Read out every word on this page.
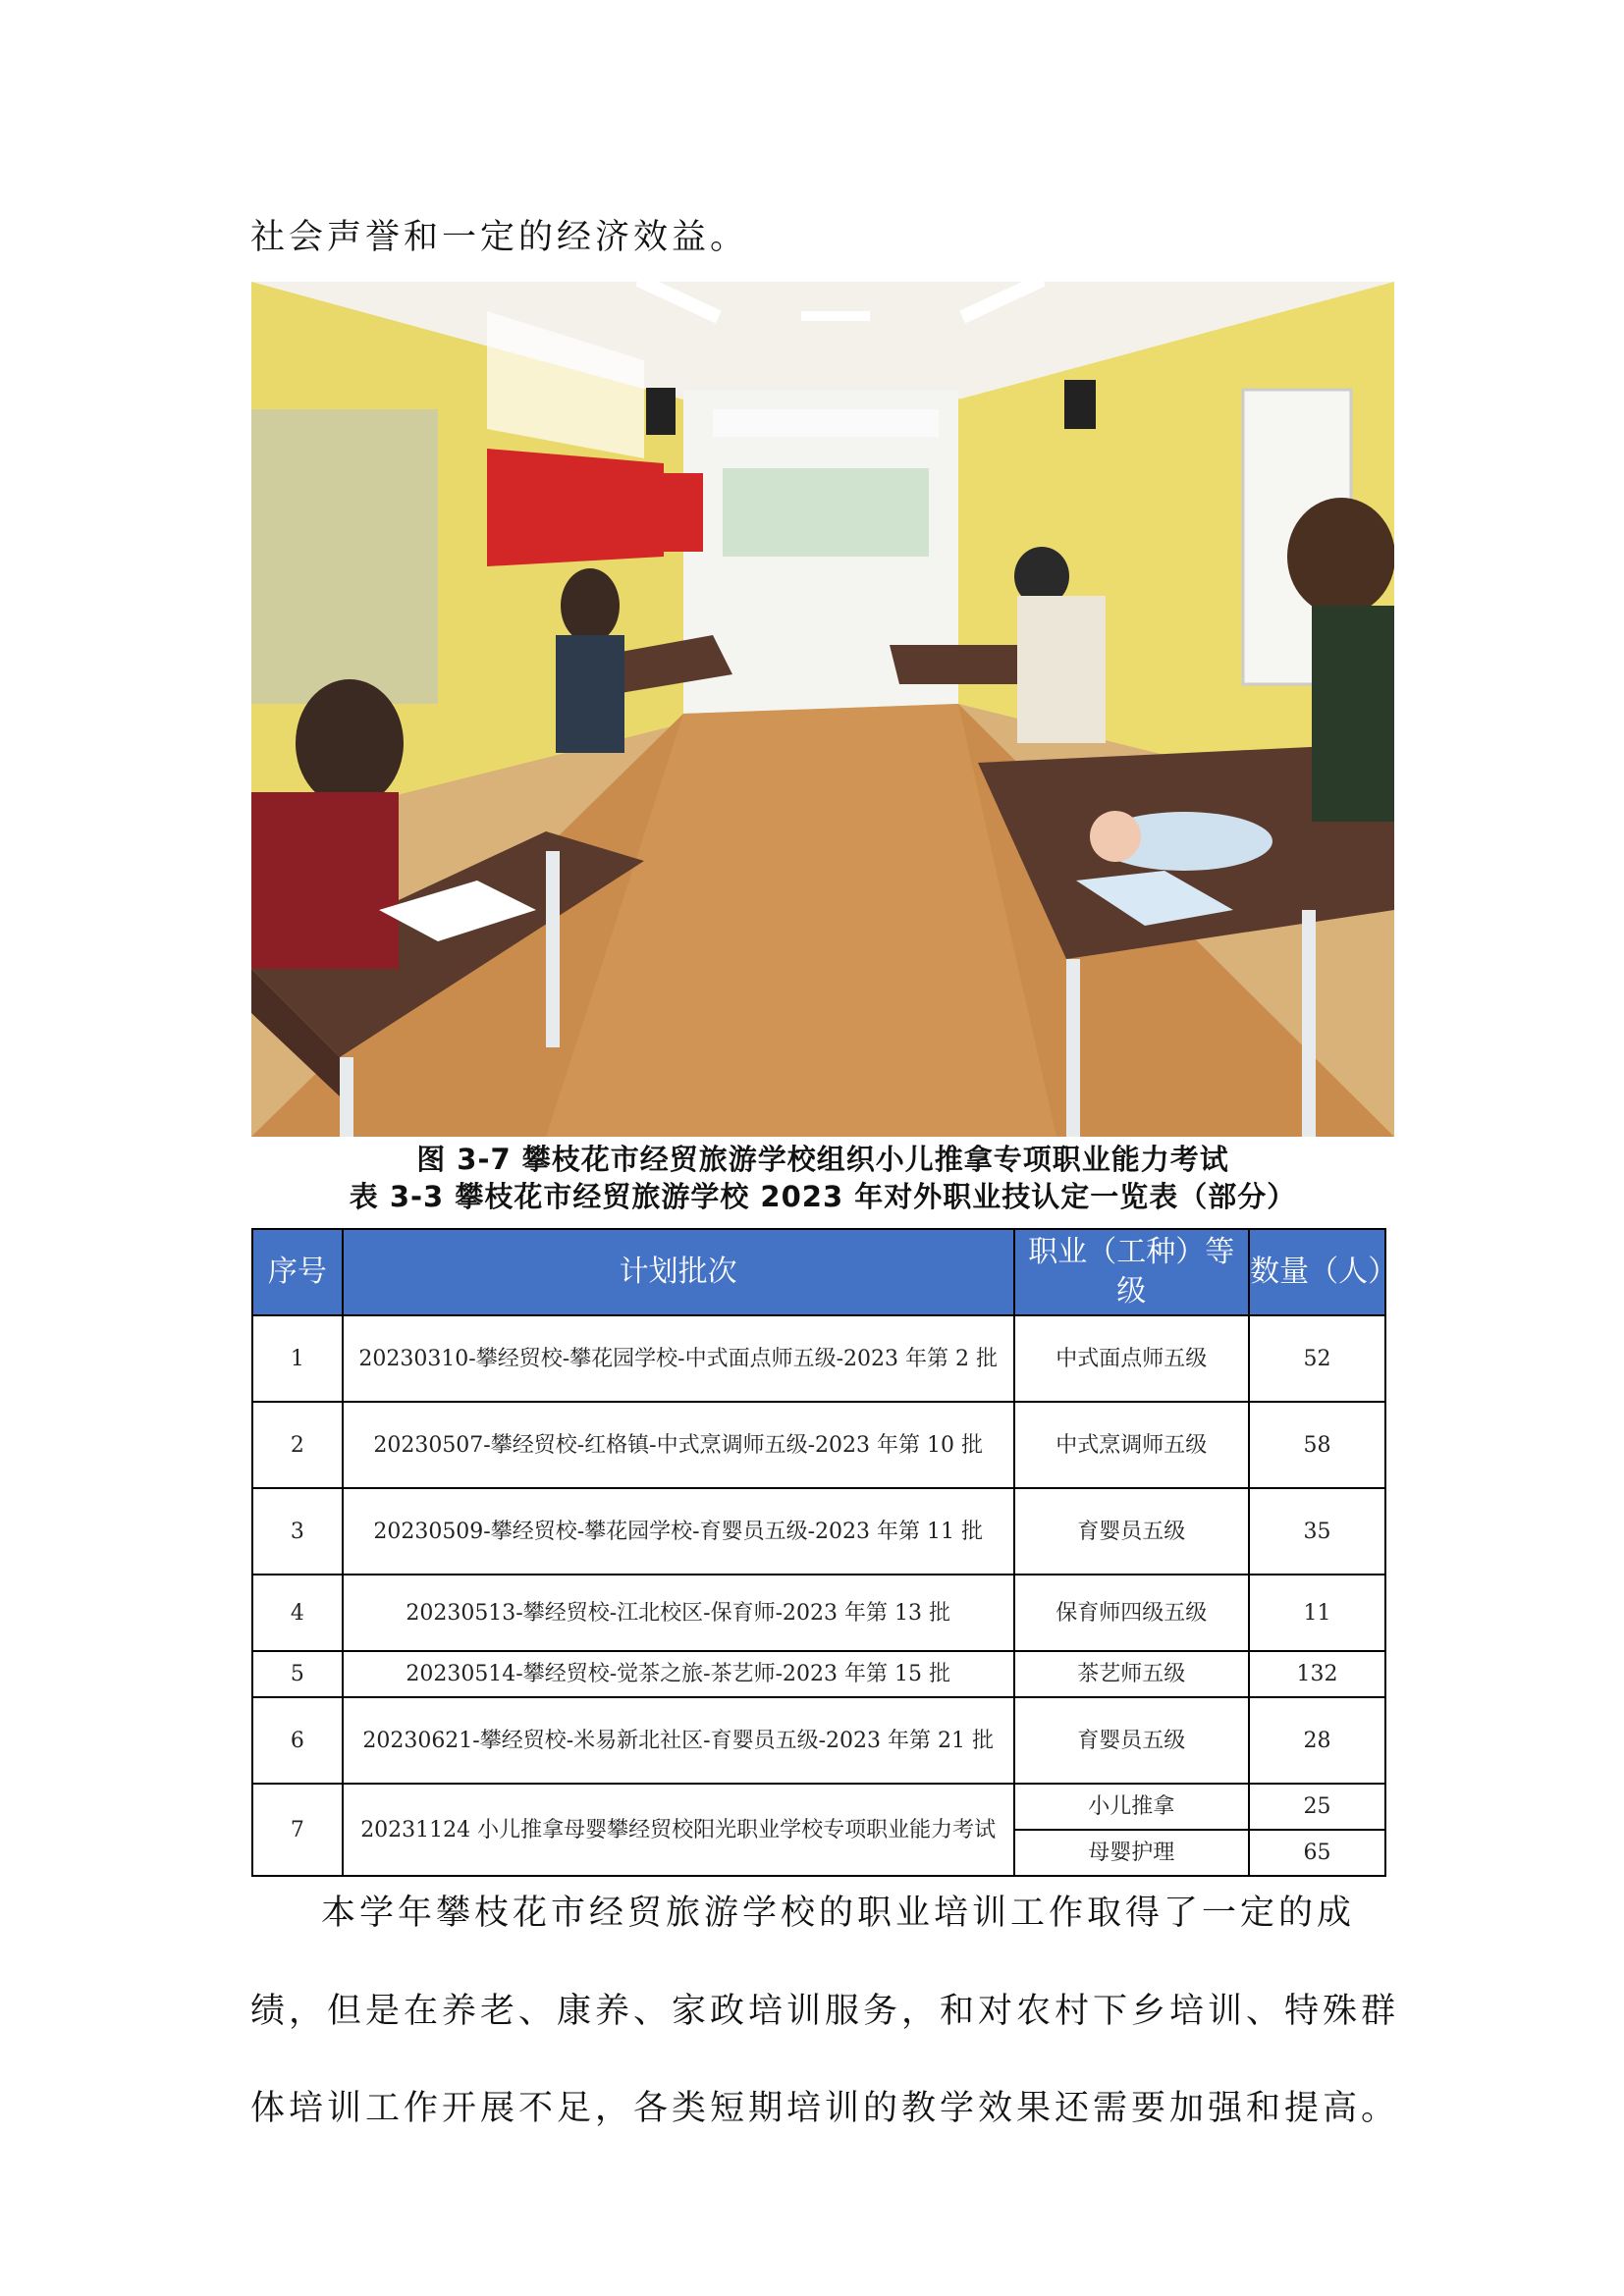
社会声誉和一定的经济效益。
图 3-7 攀枝花市经贸旅游学校组织小儿推拿专项职业能力考试
表 3-3 攀枝花市经贸旅游学校 2023 年对外职业技认定一览表（部分）
序号	计划批次	职业（工种）等级	数量（人）
1	20230310-攀经贸校-攀花园学校-中式面点师五级-2023 年第 2 批	中式面点师五级	52
2	20230507-攀经贸校-红格镇-中式烹调师五级-2023 年第 10 批	中式烹调师五级	58
3	20230509-攀经贸校-攀花园学校-育婴员五级-2023 年第 11 批	育婴员五级	35
4	20230513-攀经贸校-江北校区-保育师-2023 年第 13 批	保育师四级五级	11
5	20230514-攀经贸校-觉茶之旅-茶艺师-2023 年第 15 批	茶艺师五级	132
6	20230621-攀经贸校-米易新北社区-育婴员五级-2023 年第 21 批	育婴员五级	28
7	20231124 小儿推拿母婴攀经贸校阳光职业学校专项职业能力考试	小儿推拿	25
		母婴护理	65
本学年攀枝花市经贸旅游学校的职业培训工作取得了一定的成
绩，但是在养老、康养、家政培训服务，和对农村下乡培训、特殊群
体培训工作开展不足，各类短期培训的教学效果还需要加强和提高。
